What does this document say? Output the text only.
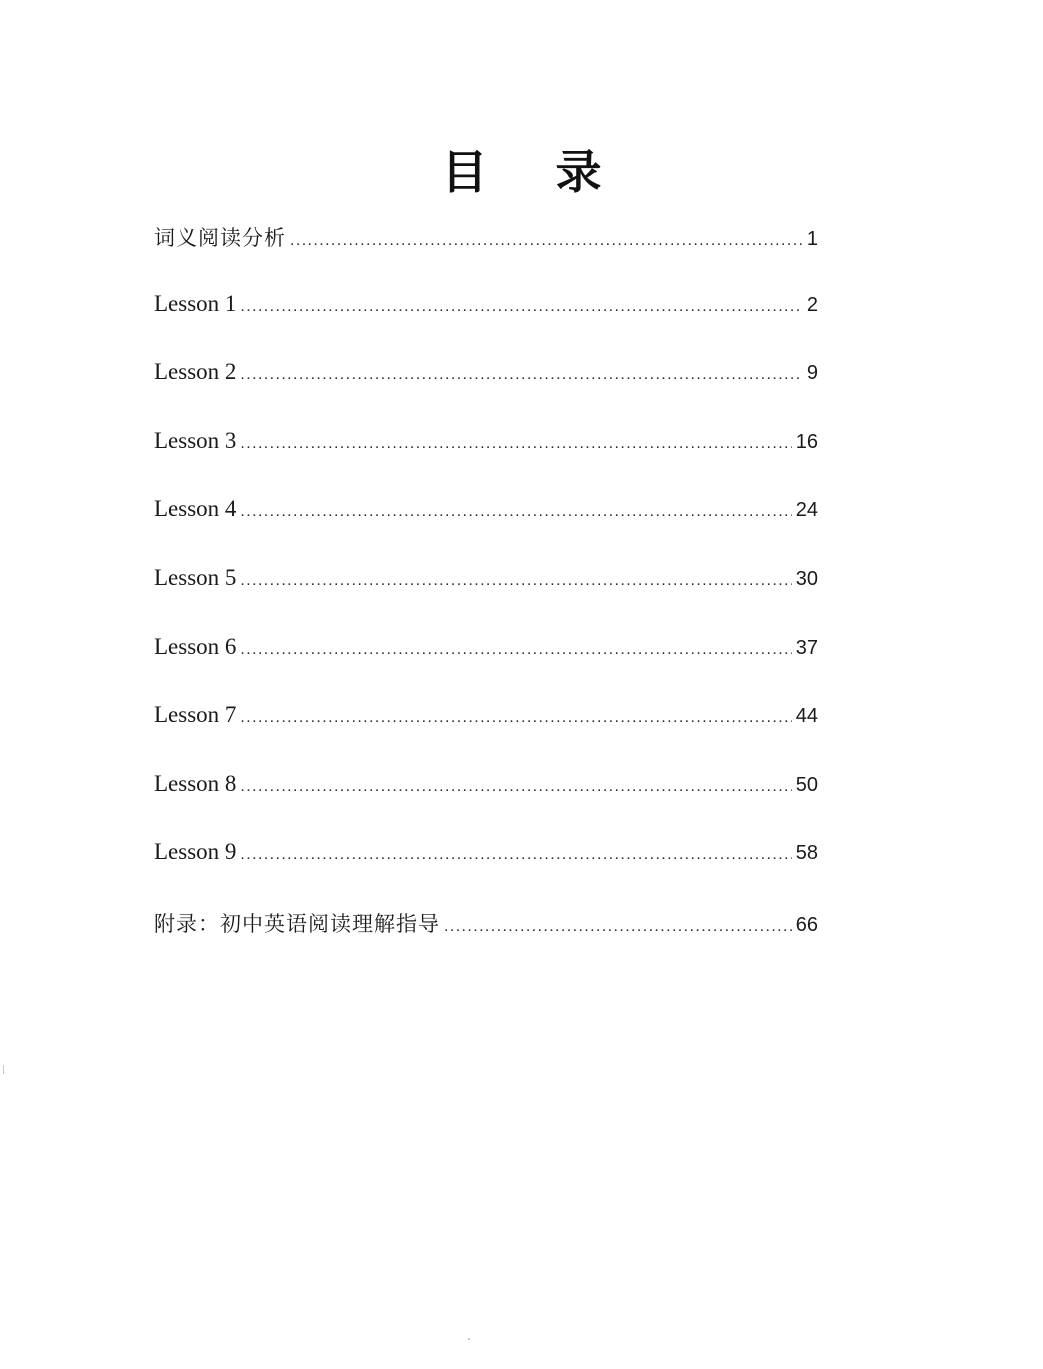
目 录
词义阅读分析 .....	1
Lesson 1 .....	2
Lesson 2 .....	9
Lesson 3 .....	16
Lesson 4 .....	24
Lesson 5 .....	30
Lesson 6 .....	37
Lesson 7 .....	44
Lesson 8 .....	50
Lesson 9 .....	58
附录：初中英语阅读理解指导 .....	66
